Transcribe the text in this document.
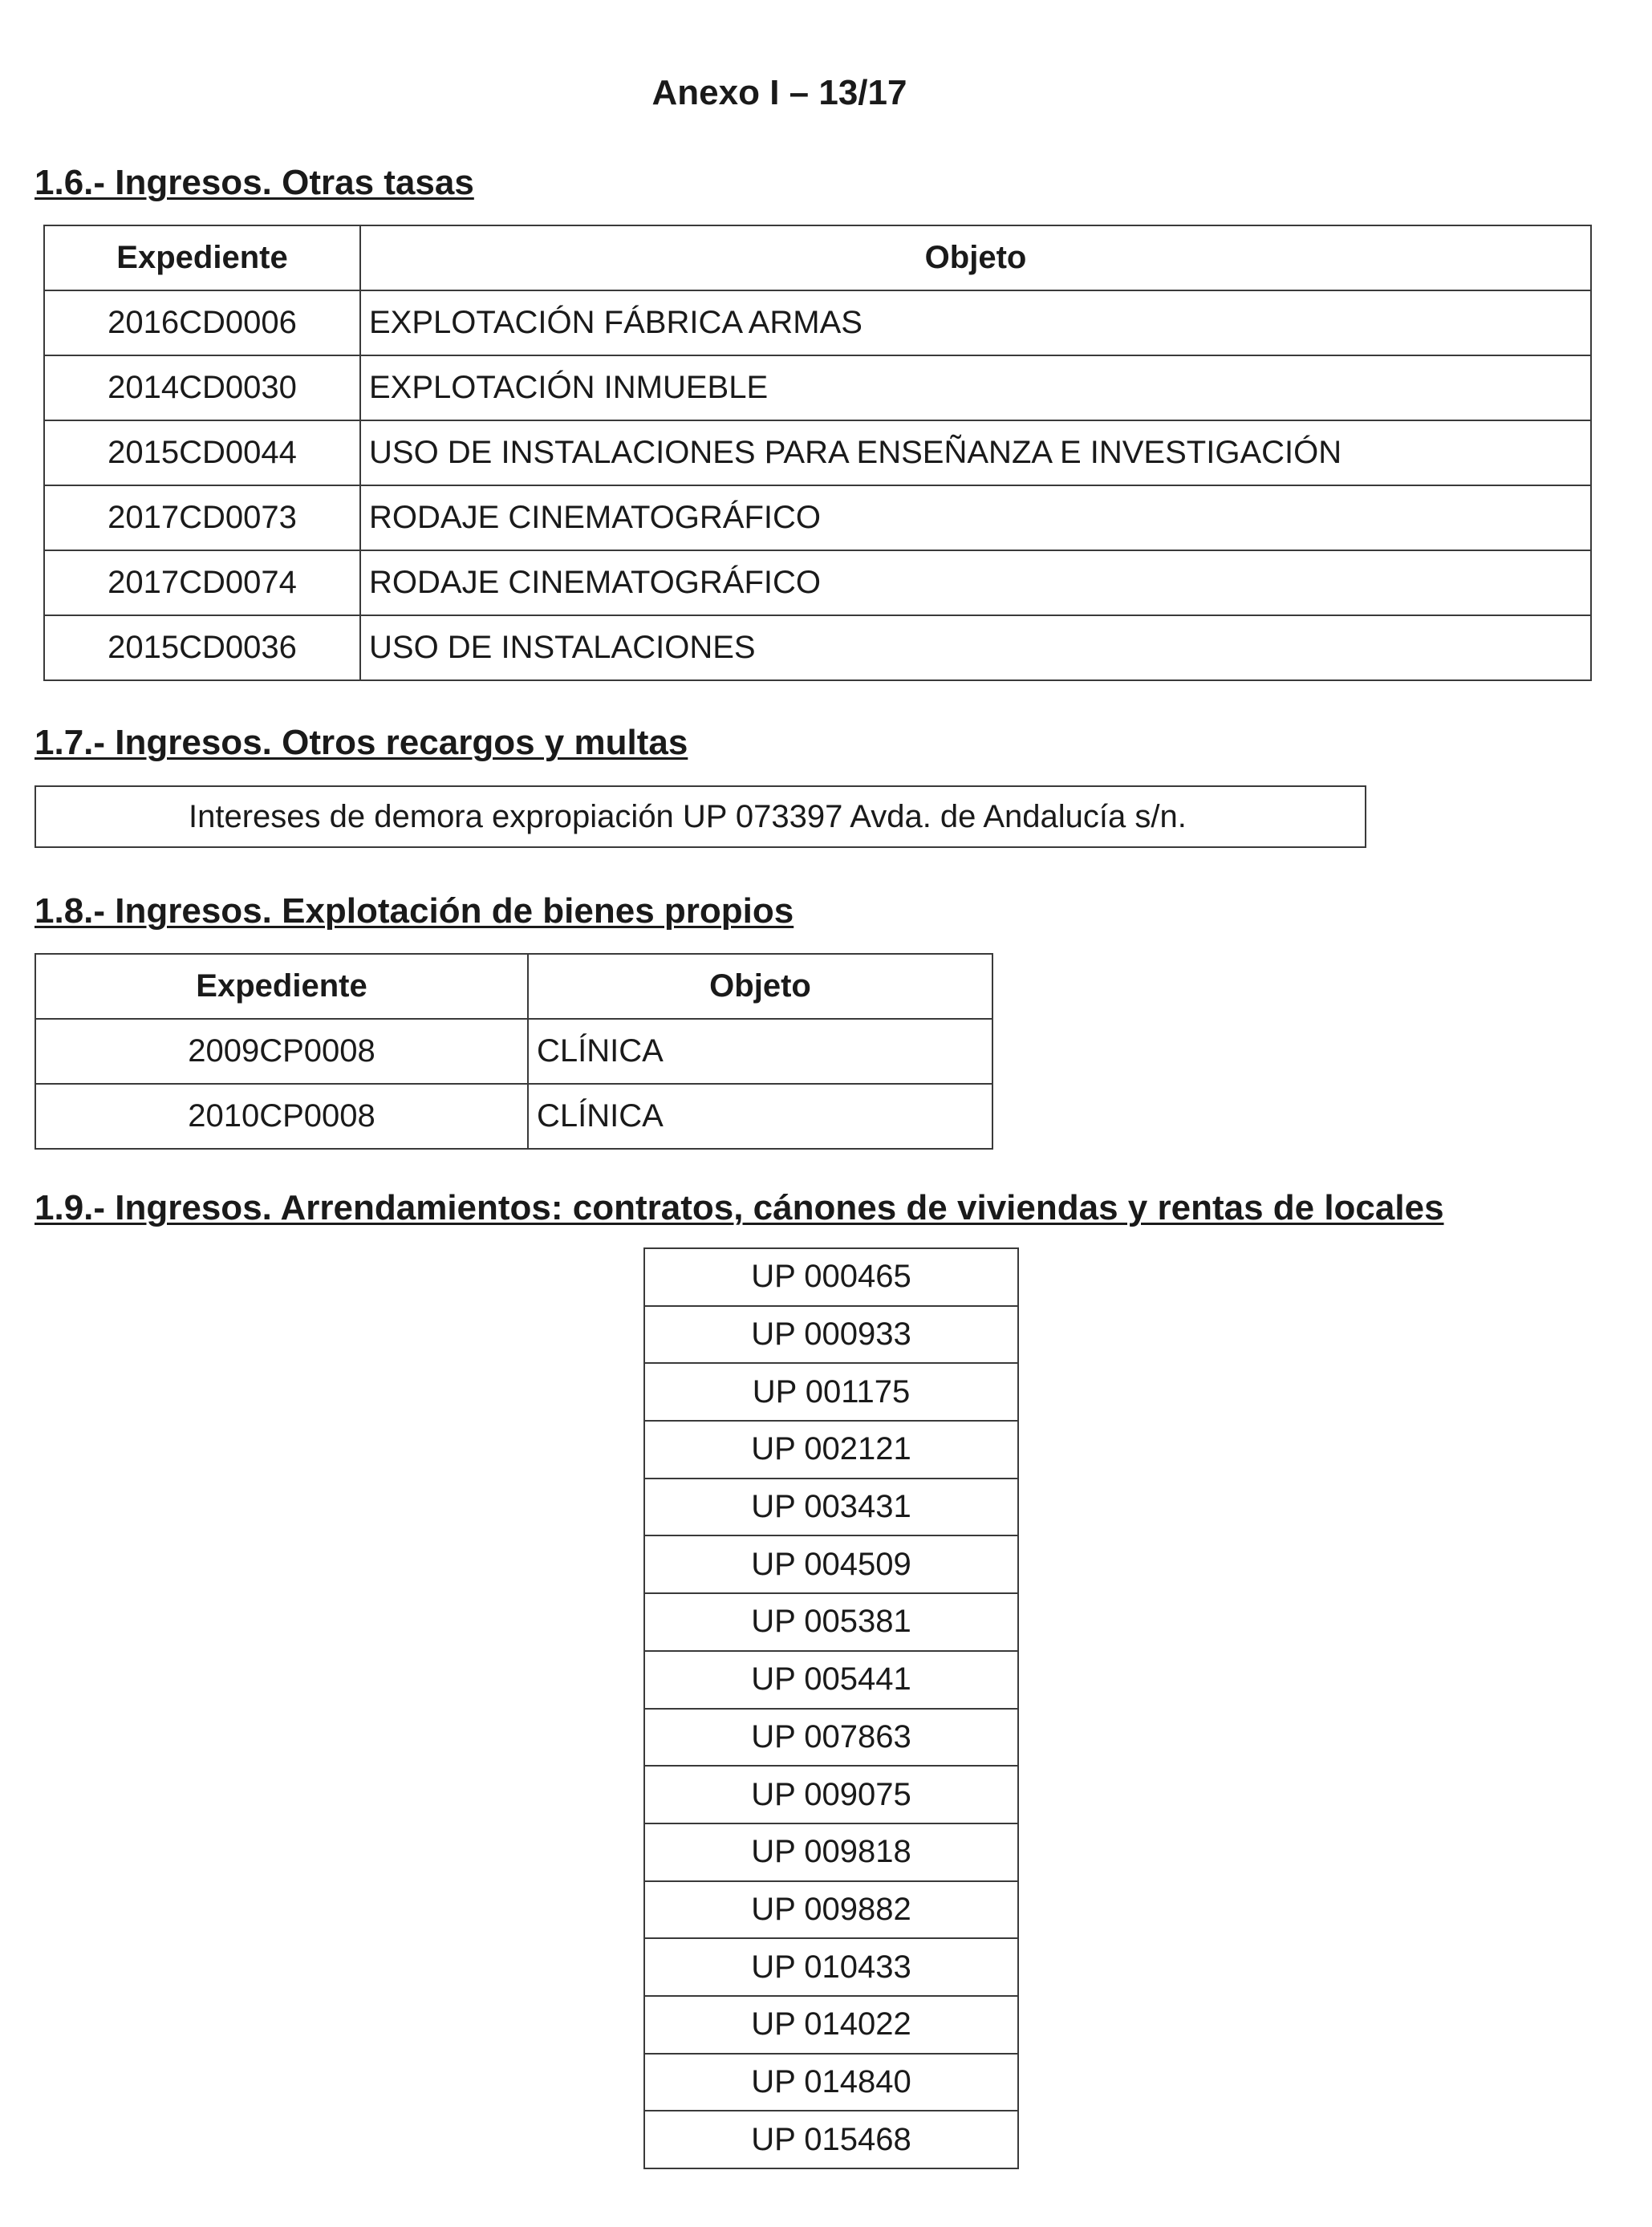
Anexo I – 13/17
1.6.- Ingresos. Otras tasas
Expediente	Objeto
2016CD0006	EXPLOTACIÓN FÁBRICA ARMAS
2014CD0030	EXPLOTACIÓN INMUEBLE
2015CD0044	USO DE INSTALACIONES PARA ENSEÑANZA E INVESTIGACIÓN
2017CD0073	RODAJE CINEMATOGRÁFICO
2017CD0074	RODAJE CINEMATOGRÁFICO
2015CD0036	USO DE INSTALACIONES
1.7.- Ingresos. Otros recargos y multas
Intereses de demora expropiación UP 073397 Avda. de Andalucía s/n.
1.8.- Ingresos. Explotación de bienes propios
Expediente	Objeto
2009CP0008	CLÍNICA
2010CP0008	CLÍNICA
1.9.- Ingresos. Arrendamientos: contratos, cánones de viviendas y rentas de locales
UP 000465
UP 000933
UP 001175
UP 002121
UP 003431
UP 004509
UP 005381
UP 005441
UP 007863
UP 009075
UP 009818
UP 009882
UP 010433
UP 014022
UP 014840
UP 015468
